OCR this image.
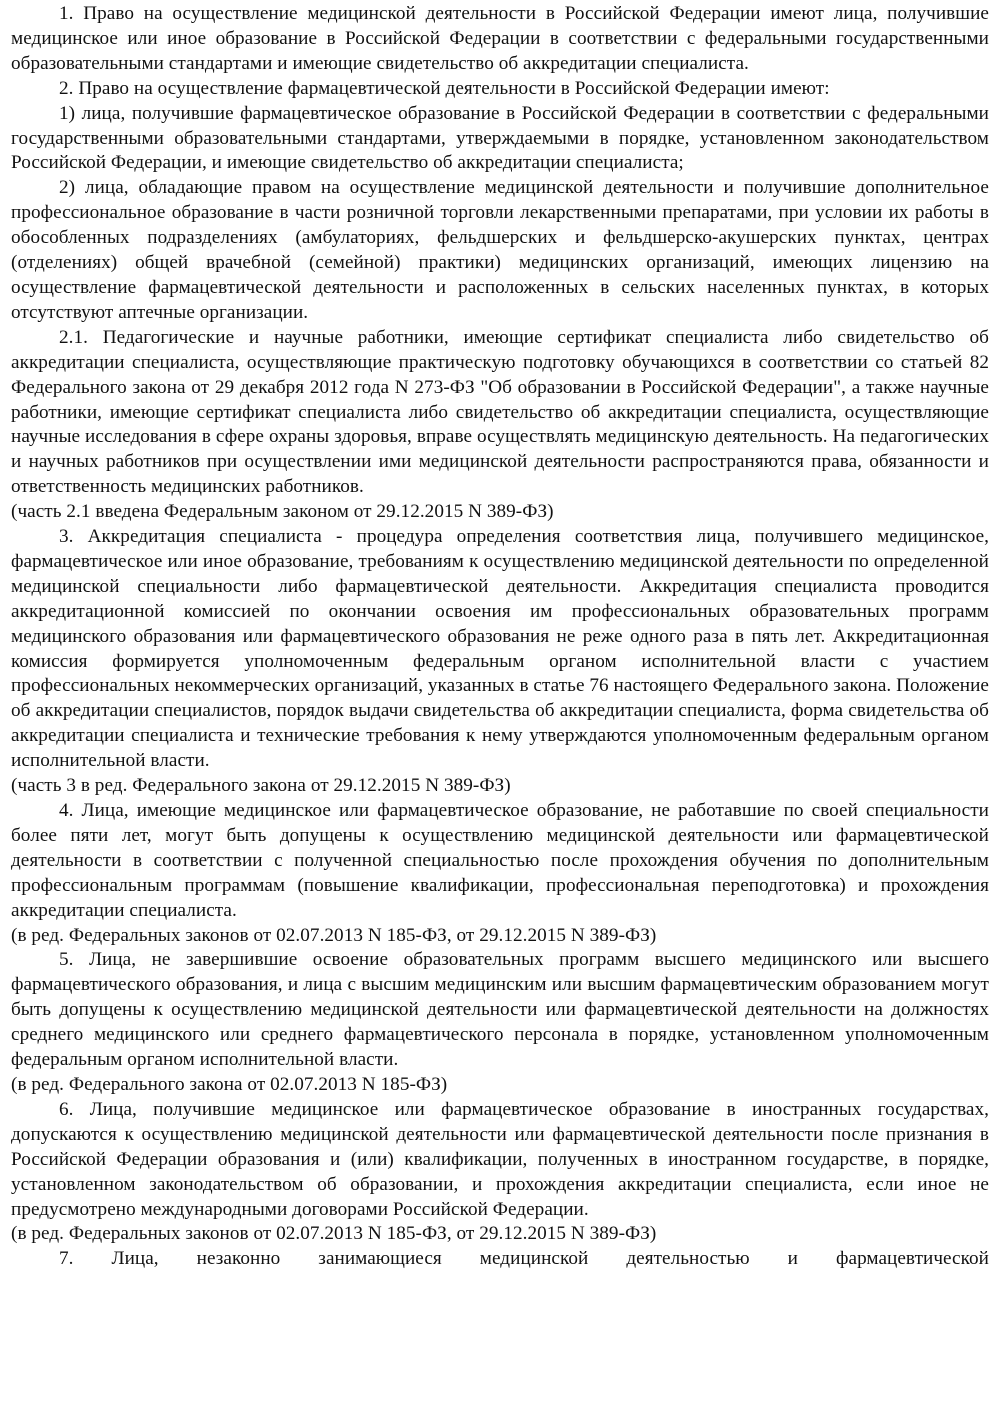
1. Право на осуществление медицинской деятельности в Российской Федерации имеют лица, получившие медицинское или иное образование в Российской Федерации в соответствии с федеральными государственными образовательными стандартами и имеющие свидетельство об аккредитации специалиста.

2. Право на осуществление фармацевтической деятельности в Российской Федерации имеют:

1) лица, получившие фармацевтическое образование в Российской Федерации в соответствии с федеральными государственными образовательными стандартами, утверждаемыми в порядке, установленном законодательством Российской Федерации, и имеющие свидетельство об аккредитации специалиста;

2) лица, обладающие правом на осуществление медицинской деятельности и получившие дополнительное профессиональное образование в части розничной торговли лекарственными препаратами, при условии их работы в обособленных подразделениях (амбулаториях, фельдшерских и фельдшерско-акушерских пунктах, центрах (отделениях) общей врачебной (семейной) практики) медицинских организаций, имеющих лицензию на осуществление фармацевтической деятельности и расположенных в сельских населенных пунктах, в которых отсутствуют аптечные организации.

2.1. Педагогические и научные работники, имеющие сертификат специалиста либо свидетельство об аккредитации специалиста, осуществляющие практическую подготовку обучающихся в соответствии со статьей 82 Федерального закона от 29 декабря 2012 года N 273-ФЗ "Об образовании в Российской Федерации", а также научные работники, имеющие сертификат специалиста либо свидетельство об аккредитации специалиста, осуществляющие научные исследования в сфере охраны здоровья, вправе осуществлять медицинскую деятельность. На педагогических и научных работников при осуществлении ими медицинской деятельности распространяются права, обязанности и ответственность медицинских работников.

(часть 2.1 введена Федеральным законом от 29.12.2015 N 389-ФЗ)

3. Аккредитация специалиста - процедура определения соответствия лица, получившего медицинское, фармацевтическое или иное образование, требованиям к осуществлению медицинской деятельности по определенной медицинской специальности либо фармацевтической деятельности. Аккредитация специалиста проводится аккредитационной комиссией по окончании освоения им профессиональных образовательных программ медицинского образования или фармацевтического образования не реже одного раза в пять лет. Аккредитационная комиссия формируется уполномоченным федеральным органом исполнительной власти с участием профессиональных некоммерческих организаций, указанных в статье 76 настоящего Федерального закона. Положение об аккредитации специалистов, порядок выдачи свидетельства об аккредитации специалиста, форма свидетельства об аккредитации специалиста и технические требования к нему утверждаются уполномоченным федеральным органом исполнительной власти.

(часть 3 в ред. Федерального закона от 29.12.2015 N 389-ФЗ)

4. Лица, имеющие медицинское или фармацевтическое образование, не работавшие по своей специальности более пяти лет, могут быть допущены к осуществлению медицинской деятельности или фармацевтической деятельности в соответствии с полученной специальностью после прохождения обучения по дополнительным профессиональным программам (повышение квалификации, профессиональная переподготовка) и прохождения аккредитации специалиста.

(в ред. Федеральных законов от 02.07.2013 N 185-ФЗ, от 29.12.2015 N 389-ФЗ)

5. Лица, не завершившие освоение образовательных программ высшего медицинского или высшего фармацевтического образования, и лица с высшим медицинским или высшим фармацевтическим образованием могут быть допущены к осуществлению медицинской деятельности или фармацевтической деятельности на должностях среднего медицинского или среднего фармацевтического персонала в порядке, установленном уполномоченным федеральным органом исполнительной власти.

(в ред. Федерального закона от 02.07.2013 N 185-ФЗ)

6. Лица, получившие медицинское или фармацевтическое образование в иностранных государствах, допускаются к осуществлению медицинской деятельности или фармацевтической деятельности после признания в Российской Федерации образования и (или) квалификации, полученных в иностранном государстве, в порядке, установленном законодательством об образовании, и прохождения аккредитации специалиста, если иное не предусмотрено международными договорами Российской Федерации.

(в ред. Федеральных законов от 02.07.2013 N 185-ФЗ, от 29.12.2015 N 389-ФЗ)

7. Лица, незаконно занимающиеся медицинской деятельностью и фармацевтической
